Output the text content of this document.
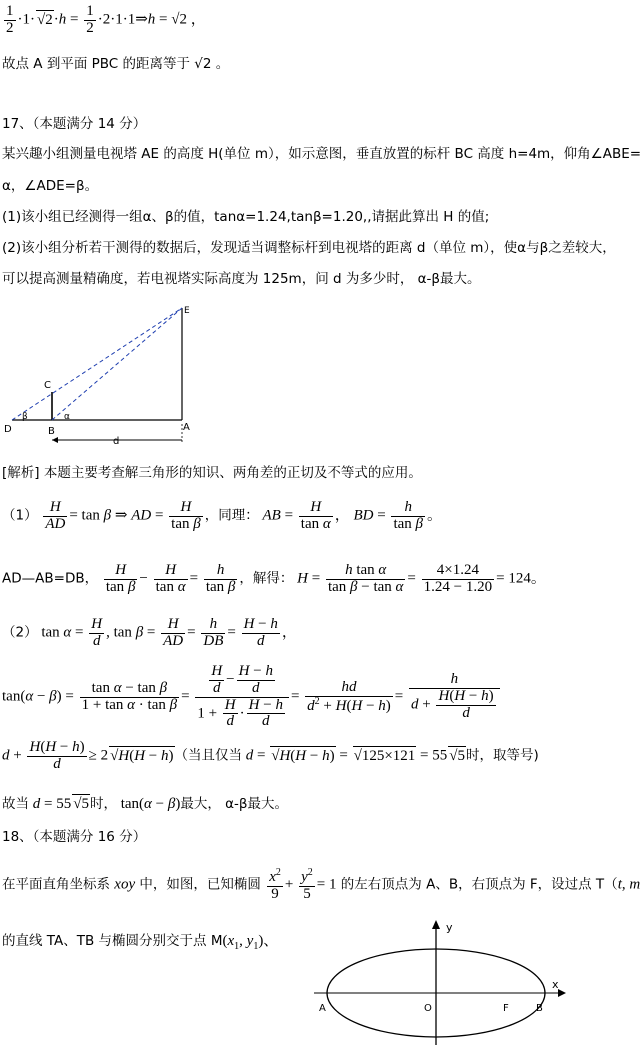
$\frac{1}{2} \cdot 1\cdot√$ $2\cdot h = \frac{1}{2}$ ·2·1·1⇒h = √2 ，
故点 A 到平面 PBC 的距离等于 √2 。
17、（本题满分 14 分）
某兴趣小组测量电视塔 AE 的高度 H(单位 m），如示意图，垂直放置的标杆 BC 高度 h=4m，仰角∠ABE=
α，∠ADE=β。
(1)该小组已经测得一组α、β的值，tanα=1.24,tanβ=1.20,,请据此算出 H 的值;
(2)该小组分析若干测得的数据后，发现适当调整标杆到电视塔的距离 d（单位 m），使α与β之差较大，
可以提高测量精确度，若电视塔实际高度为 125m，问 d 为多少时， α-β最大。
E
C
D	B	A
d
α
β
[解析] 本题主要考查解三角形的知识、两角差的正切及不等式的应用。
$(1) \frac{H}{AD} = \tan \beta$ ⇒ AD = $\frac{H}{\text{tan β}}$ ，同理： AB = $\frac{H}{\text{tan α}}$ ， BD = $\frac{h}{\text{tan β}}$ 。
AD—AB=DB， $\frac{H}{\text{tan β}} - \frac{H}{\text{tan α}} = \frac{h}{\text{tan β}}$ ，解得： $H = \frac{\text{h tan α}}{\text{tan β − tan α}} = \frac{4\times 1.24}{1.24 - 1.20} = 124$。
（2） $\tan \alpha = \frac{H}{d}$ , $\tan \beta = \frac{H}{AD} = \frac{h}{DB} = \frac{H - h}{d}$ ，
$\tan(\alpha - \beta) = \frac{\text{tan α − tan β}}{\text{1 + tan α · tan β}} = \frac{\frac{H}{d} - \frac{H - h}{d}}{1 + \frac{H}{d} \cdot \frac{H - h}{d}} = \frac{hd}{d^2 + H(H - h)} = \frac{h}{d + \frac{H(H - h)}{d}}$
$d + \frac{H(H - h)}{d} \ge 2√$ H(H − h)（当且仅当 d = √ H(H − h) = √ 125×121 = 55√ 5时，取等号)
故当 d = 55√ 5时， tan(α − β)最大， α-β最大。
18、（本题满分 16 分）
在平面直角坐标系 xoy 中，如图，已知椭圆 $\frac{x^2}{9} + \frac{y^2}{5} = 1$ 的左右顶点为 A、B，右顶点为 F，设过点 T（t, m
的直线 TA、TB 与椭圆分别交于点 $M(x_1$, $y_1$)、
y
x
A	O	F	B
